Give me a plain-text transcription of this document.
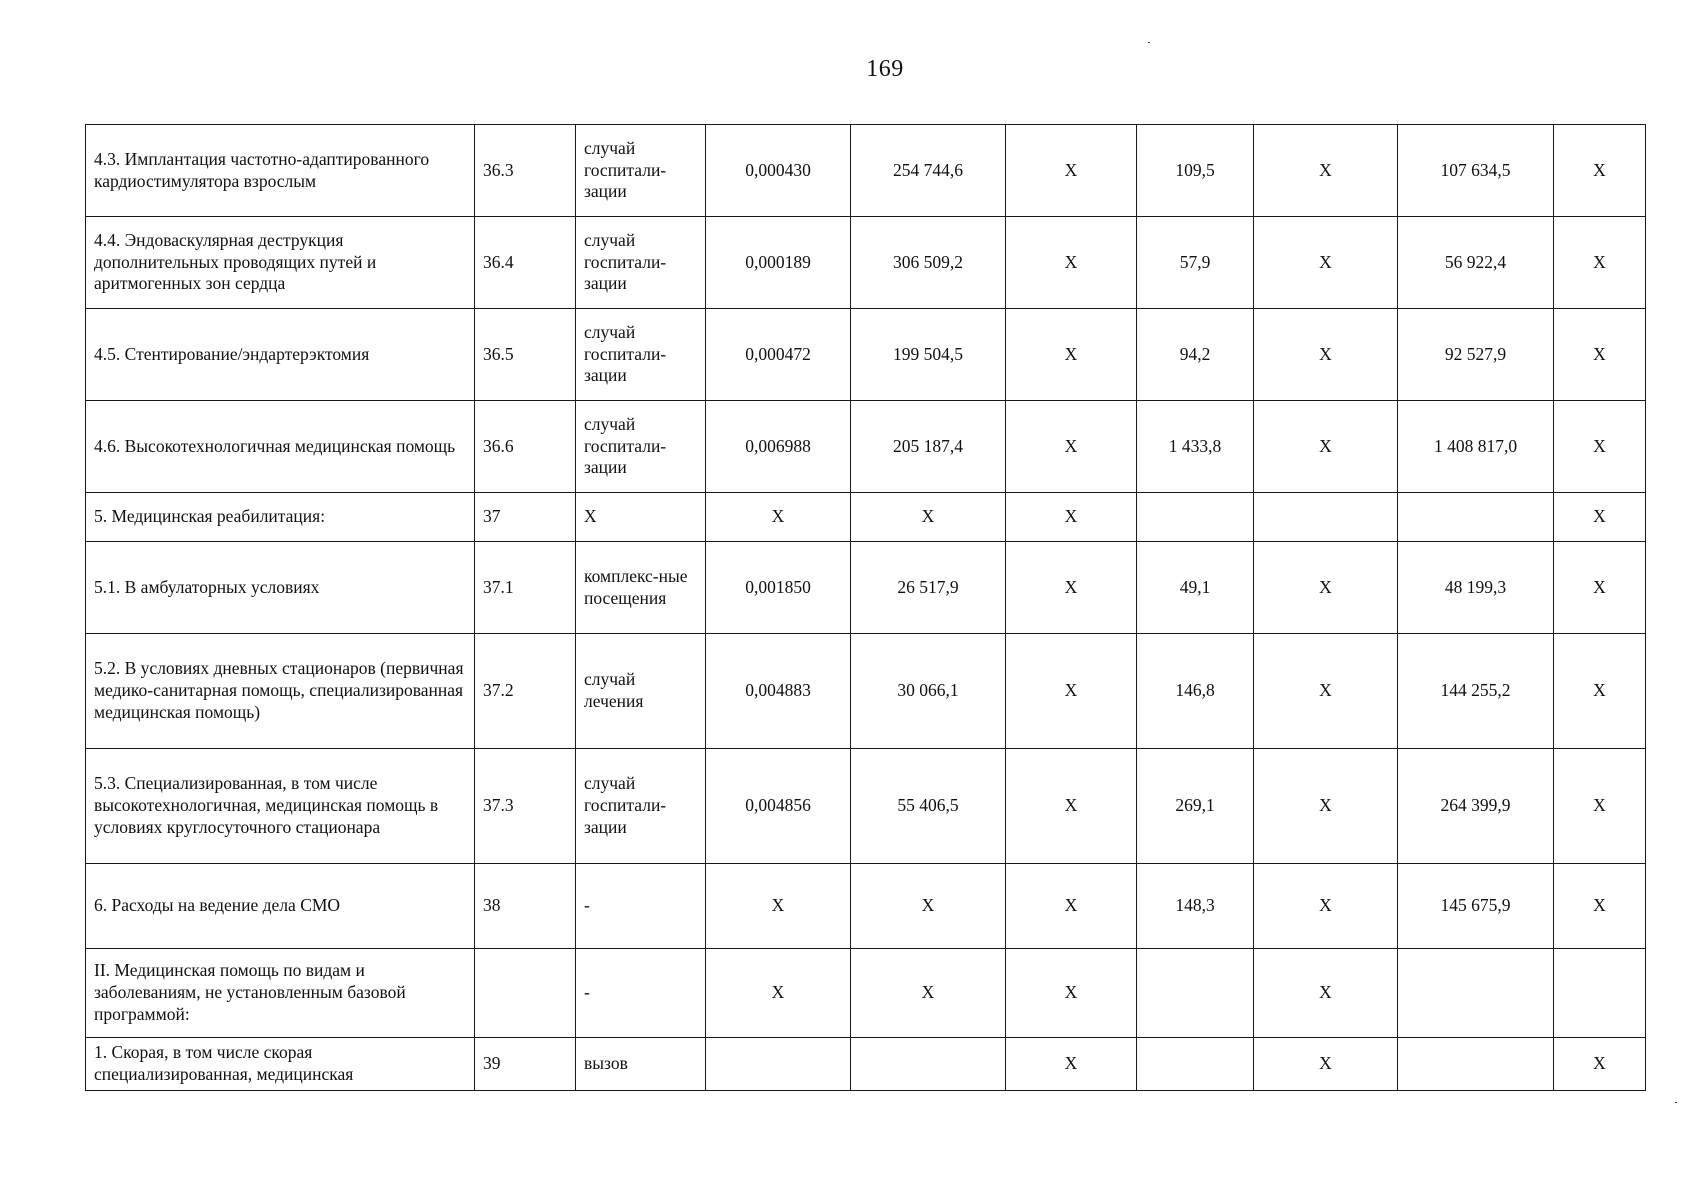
169
4.3. Имплантация частотно-адаптированного кардиостимулятора взрослым	36.3	случай госпитали-зации	0,000430	254 744,6	X	109,5	X	107 634,5	X
4.4. Эндоваскулярная деструкция дополнительных проводящих путей и аритмогенных зон сердца	36.4	случай госпитали-зации	0,000189	306 509,2	X	57,9	X	56 922,4	X
4.5. Стентирование/эндартерэктомия	36.5	случай госпитали-зации	0,000472	199 504,5	X	94,2	X	92 527,9	X
4.6. Высокотехнологичная медицинская помощь	36.6	случай госпитали-зации	0,006988	205 187,4	X	1 433,8	X	1 408 817,0	X
5. Медицинская реабилитация:	37	X	X	X	X				X
5.1. В амбулаторных условиях	37.1	комплекс-ные посещения	0,001850	26 517,9	X	49,1	X	48 199,3	X
5.2. В условиях дневных стационаров (первичная медико-санитарная помощь, специализированная медицинская помощь)	37.2	случай лечения	0,004883	30 066,1	X	146,8	X	144 255,2	X
5.3. Специализированная, в том числе высокотехнологичная, медицинская помощь в условиях круглосуточного стационара	37.3	случай госпитали-зации	0,004856	55 406,5	X	269,1	X	264 399,9	X
6. Расходы на ведение дела СМО	38	-	X	X	X	148,3	X	145 675,9	X
II. Медицинская помощь по видам и заболеваниям, не установленным базовой программой:		-	X	X	X		X		
1. Скорая, в том числе скорая специализированная, медицинская	39	вызов			X		X		X
